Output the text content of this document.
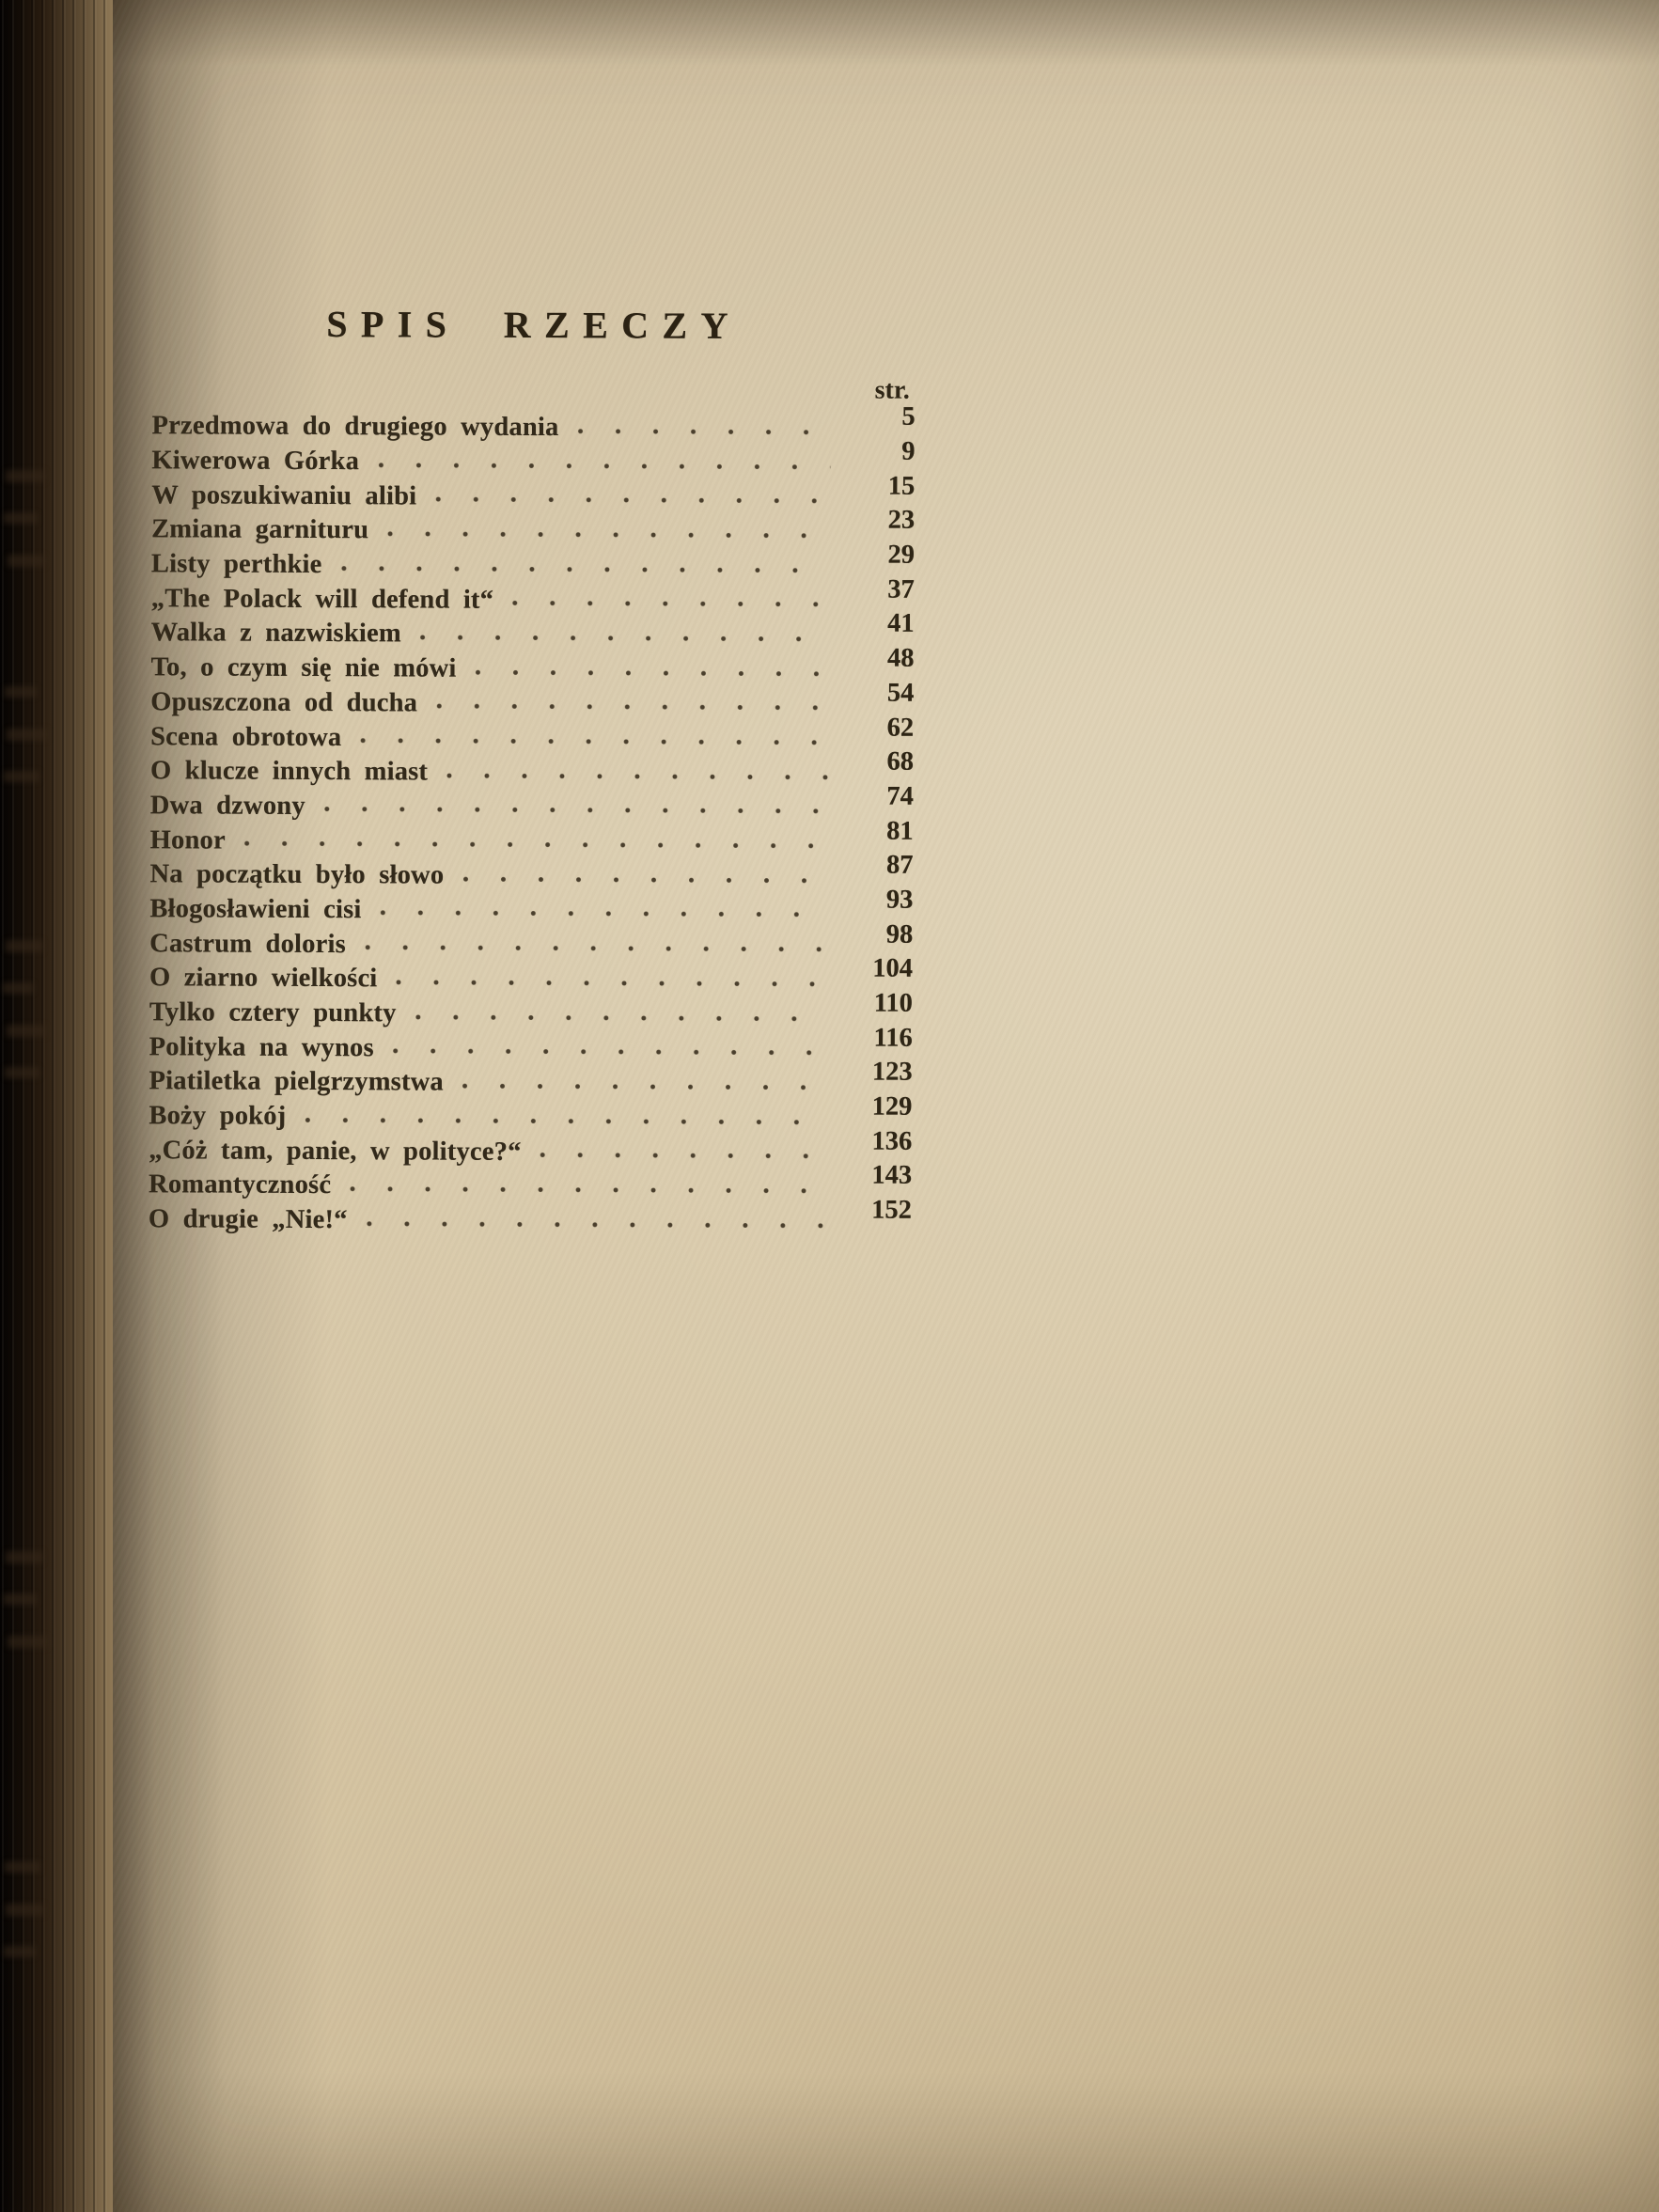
SPIS RZECZY
str.
Przedmowa do drugiego wydania	5
Kiwerowa Górka	9
W poszukiwaniu alibi	15
Zmiana garnituru	23
Listy perthkie	29
„The Polack will defend it“	37
Walka z nazwiskiem	41
To, o czym się nie mówi	48
Opuszczona od ducha	54
Scena obrotowa	62
O klucze innych miast	68
Dwa dzwony	74
Honor	81
Na początku było słowo	87
Błogosławieni cisi	93
Castrum doloris	98
O ziarno wielkości	104
Tylko cztery punkty	110
Polityka na wynos	116
Piatiletka pielgrzymstwa	123
Boży pokój	129
„Cóż tam, panie, w polityce?“	136
Romantyczność	143
O drugie „Nie!“	152
